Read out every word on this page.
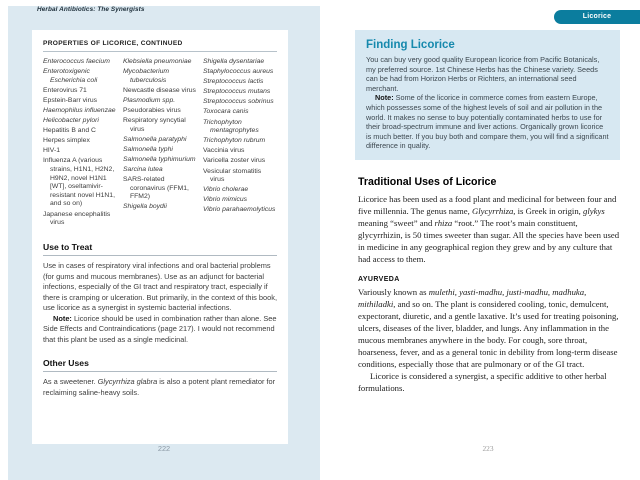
PROPERTIES OF LICORICE, CONTINUED
Enterococcus faecium
Enterotoxigenic Escherichia coli
Enterovirus 71
Epstein-Barr virus
Haemophilus influenzae
Helicobacter pylori
Hepatitis B and C
Herpes simplex
HIV-1
Influenza A (various strains, H1N1, H2N2, H9N2, novel H1N1 [WT], oseltamivir-resistant novel H1N1, and so on)
Japanese encephalitis virus
Klebsiella pneumoniae
Mycobacterium tuberculosis
Newcastle disease virus
Plasmodium spp.
Pseudorabies virus
Respiratory syncytial virus
Salmonella paratyphi
Salmonella typhi
Salmonella typhimurium
Sarcina lutea
SARS-related coronavirus (FFM1, FFM2)
Shigella boydii
Shigella dysentariae
Staphylococcus aureus
Streptococcus lactis
Streptococcus mutans
Streptococcus sobrinus
Toxocara canis
Trichophyton mentagrophytes
Trichophyton rubrum
Vaccinia virus
Varicella zoster virus
Vesicular stomatitis virus
Vibrio cholerae
Vibrio mimicus
Vibrio parahaemolyticus
Use to Treat

Use in cases of respiratory viral infections and oral bacterial problems (for gums and mucous membranes). Use as an adjunct for bacterial infections, especially of the GI tract and respiratory tract, especially if there is cramping or ulceration. But primarily, in the context of this book, use licorice as a synergist in systemic bacterial infections.

Note: Licorice should be used in combination rather than alone. See Side Effects and Contraindications (page 217). I would not recommend that this plant be used as a single medicinal.

Other Uses

As a sweetener. Glycyrrhiza glabra is also a potent plant remediator for reclaiming saline-heavy soils.

Herbal Antibiotics: The Synergists
222
Licorice
Finding Licorice

You can buy very good quality European licorice from Pacific Botanicals, my preferred source. 1st Chinese Herbs has the Chinese variety. Seeds can be had from Horizon Herbs or Richters, an international seed merchant.

Note: Some of the licorice in commerce comes from eastern Europe, which possesses some of the highest levels of soil and air pollution in the world. It makes no sense to buy potentially contaminated herbs to use for their broad-spectrum immune and liver actions. Organically grown licorice is much better. If you buy both and compare them, you will find a significant difference in quality.

Traditional Uses of Licorice

Licorice has been used as a food plant and medicinal for between four and five millennia. The genus name, Glycyrrhiza, is Greek in origin, glykys meaning “sweet” and rhiza “root.” The root’s main constituent, glycyrrhizin, is 50 times sweeter than sugar. All the species have been used in medicine in any geographical region they grew and by any culture that had access to them.

AYURVEDA

Variously known as mulethi, yasti-madhu, justi-madhu, madhuka, mithiladki, and so on. The plant is considered cooling, tonic, demulcent, expectorant, diuretic, and a gentle laxative. It’s used for treating poisoning, ulcers, diseases of the liver, bladder, and lungs. Any inflammation in the mucous membranes anywhere in the body. For cough, sore throat, hoarseness, fever, and as a general tonic in debility from long-term disease conditions, especially those that are pulmonary or of the GI tract.

Licorice is considered a synergist, a specific additive to other herbal formulations.

223
